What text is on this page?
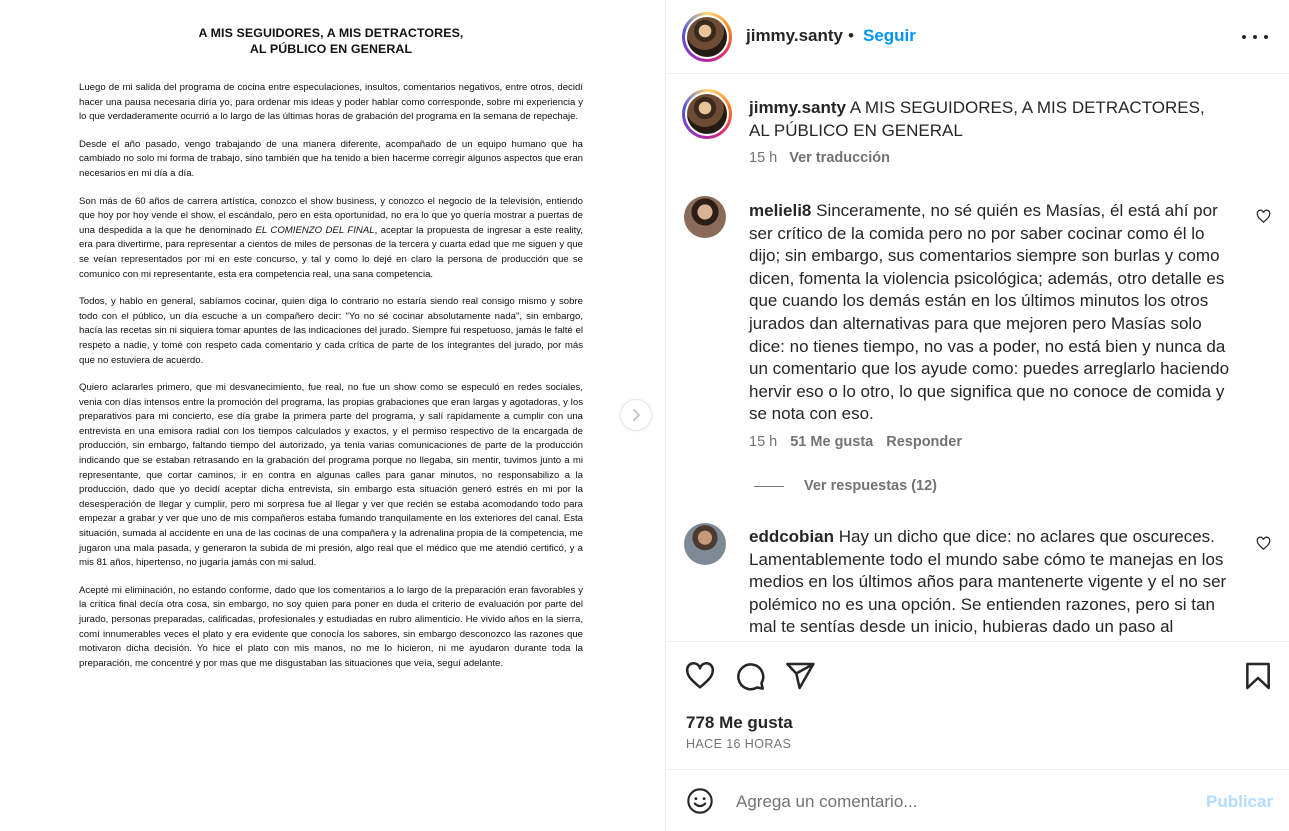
A MIS SEGUIDORES, A MIS DETRACTORES,
AL PÚBLICO EN GENERAL

Luego de mi salida del programa de cocina entre especulaciones, insultos, comentarios negativos, entre otros, decidí hacer una pausa necesaria diría yo, para ordenar mis ideas y poder hablar como corresponde, sobre mi experiencia y lo que verdaderamente ocurrió a lo largo de las últimas horas de grabación del programa en la semana de repechaje.

Desde el año pasado, vengo trabajando de una manera diferente, acompañado de un equipo humano que ha cambiado no solo mi forma de trabajo, sino también que ha tenido a bien hacerme corregir algunos aspectos que eran necesarios en mi día a día.

Son más de 60 años de carrera artística, conozco el show business, y conozco el negocio de la televisión, entiendo que hoy por hoy vende el show, el escándalo, pero en esta oportunidad, no era lo que yo quería mostrar a puertas de una despedida a la que he denominado EL COMIENZO DEL FINAL, aceptar la propuesta de ingresar a este reality, era para divertirme, para representar a cientos de miles de personas de la tercera y cuarta edad que me siguen y que se veían representados por mi en este concurso, y tal y como lo dejé en claro la persona de producción que se comunico con mi representante, esta era competencia real, una sana competencia.

Todos, y hablo en general, sabíamos cocinar, quien diga lo contrario no estaría siendo real consigo mismo y sobre todo con el público, un día escuche a un compañero decir: "Yo no sé cocinar absolutamente nada", sin embargo, hacía las recetas sin ni siquiera tomar apuntes de las indicaciones del jurado. Siempre fui respetuoso, jamás le falté el respeto a nadie, y tomé con respeto cada comentario y cada crítica de parte de los integrantes del jurado, por más que no estuviera de acuerdo.

Quiero aclararles primero, que mi desvanecimiento, fue real, no fue un show como se especuló en redes sociales, venia con días intensos entre la promoción del programa, las propias grabaciones que eran largas y agotadoras, y los preparativos para mi concierto, ese día grabe la primera parte del programa, y salí rapidamente a cumplir con una entrevista en una emisora radial con los tiempos calculados y exactos, y el permiso respectivo de la encargada de producción, sin embargo, faltando tiempo del autorizado, ya tenia varias comunicaciones de parte de la producción indicando que se estaban retrasando en la grabación del programa porque no llegaba, sin mentir, tuvimos junto a mi representante, que cortar caminos, ir en contra en algunas calles para ganar minutos, no responsabilizo a la producción, dado que yo decidí aceptar dicha entrevista, sin embargo esta situación generó estrés en mi por la desesperación de llegar y cumplir, pero mi sorpresa fue al llegar y ver que recién se estaba acomodando todo para empezar a grabar y ver que uno de mis compañeros estaba fumando tranquilamente en los exteriores del canal. Esta situación, sumada al accidente en una de las cocinas de una compañera y la adrenalina propia de la competencia, me jugaron una mala pasada, y generaron la subida de mi presión, algo real que el médico que me atendió certificó, y a mis 81 años, hipertenso, no jugaría jamás con mi salud.

Acepté mi eliminación, no estando conforme, dado que los comentarios a lo largo de la preparación eran favorables y la crítica final decía otra cosa, sin embargo, no soy quien para poner en duda el criterio de evaluación por parte del jurado, personas preparadas, calificadas, profesionales y estudiadas en rubro alimenticio. He vivido años en la sierra, comí innumerables veces el plato y era evidente que conocía los sabores, sin embargo desconozco las razones que motivaron dicha decisión. Yo hice el plato con mis manos, no me lo hicieron, ni me ayudaron durante toda la preparación, me concentré y por mas que me disgustaban las situaciones que veía, seguí adelante.

jimmy.santy • Seguir
jimmy.santy A MIS SEGUIDORES, A MIS DETRACTORES,
AL PÚBLICO EN GENERAL
15 h Ver traducción
melieli8 Sinceramente, no sé quién es Masías, él está ahí por ser crítico de la comida pero no por saber cocinar como él lo dijo; sin embargo, sus comentarios siempre son burlas y como dicen, fomenta la violencia psicológica; además, otro detalle es que cuando los demás están en los últimos minutos los otros jurados dan alternativas para que mejoren pero Masías solo dice: no tienes tiempo, no vas a poder, no está bien y nunca da un comentario que los ayude como: puedes arreglarlo haciendo hervir eso o lo otro, lo que significa que no conoce de comida y se nota con eso.
15 h 51 Me gusta Responder
Ver respuestas (12)
eddcobian Hay un dicho que dice: no aclares que oscureces. Lamentablemente todo el mundo sabe cómo te manejas en los medios en los últimos años para mantenerte vigente y el no ser polémico no es una opción. Se entienden razones, pero si tan mal te sentías desde un inicio, hubieras dado un paso al
778 Me gusta
HACE 16 HORAS
Agrega un comentario...
Publicar
